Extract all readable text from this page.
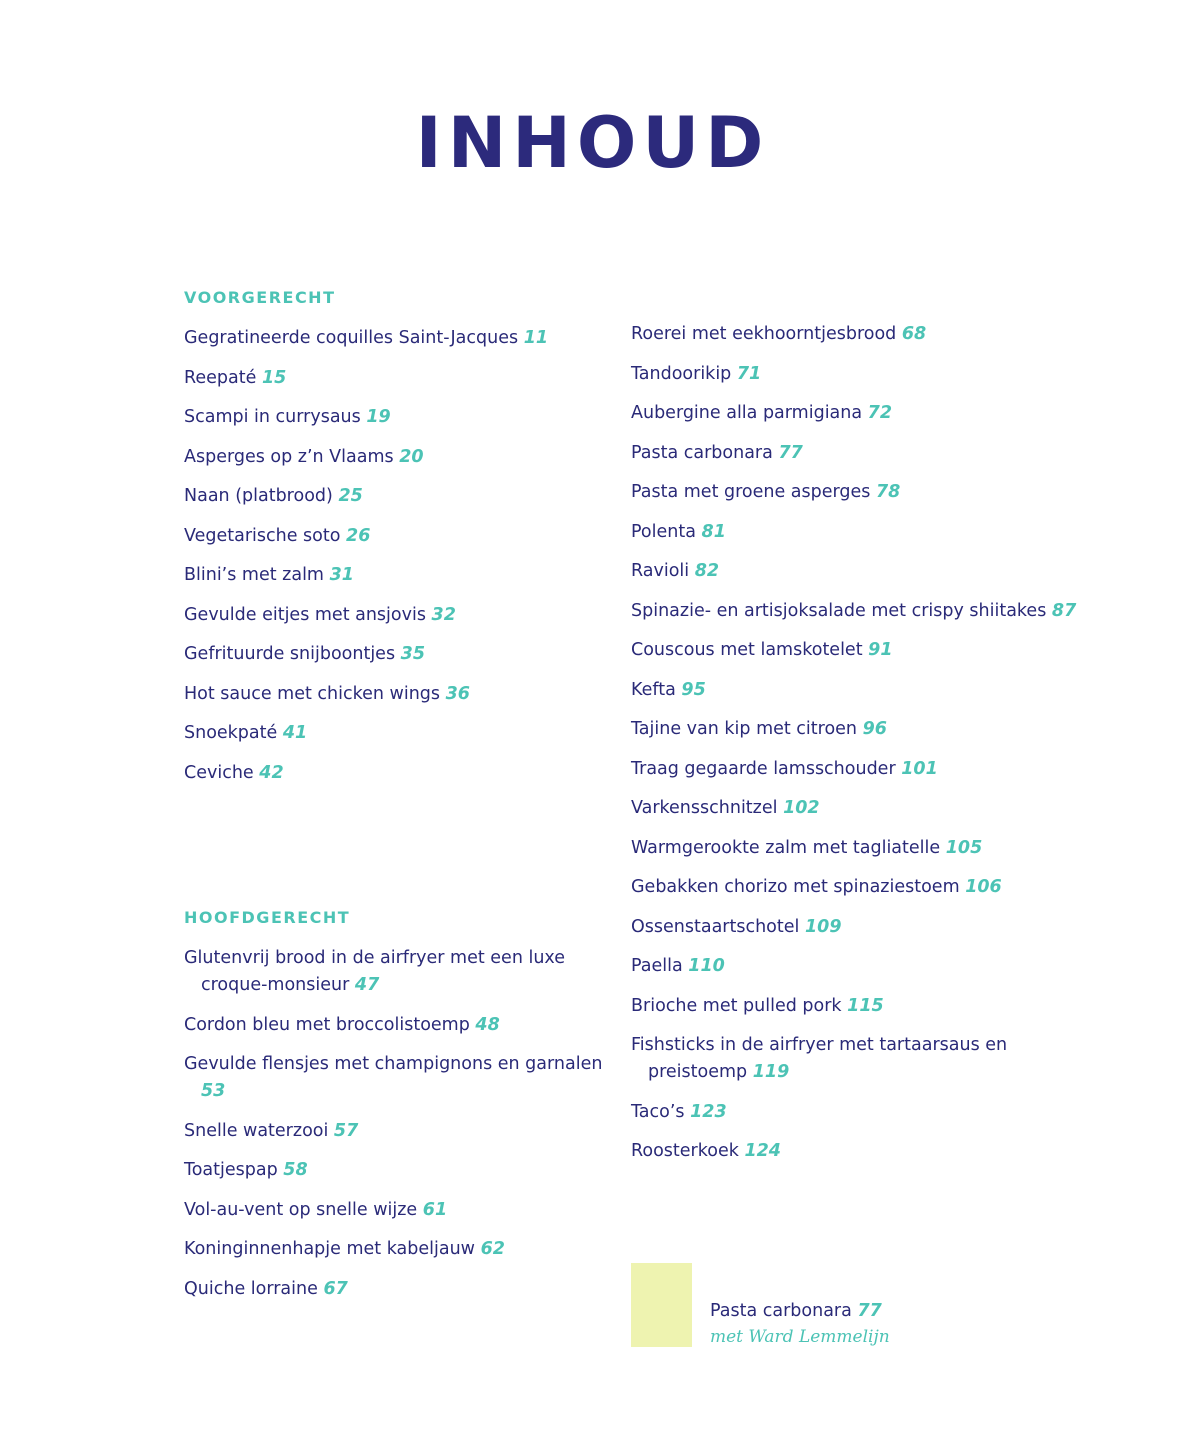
INHOUD
VOORGERECHT
Gegratineerde coquilles Saint-Jacques 11
Reepaté 15
Scampi in currysaus 19
Asperges op z’n Vlaams 20
Naan (platbrood) 25
Vegetarische soto 26
Blini’s met zalm 31
Gevulde eitjes met ansjovis 32
Gefrituurde snijboontjes 35
Hot sauce met chicken wings 36
Snoekpaté 41
Ceviche 42
HOOFDGERECHT
Glutenvrij brood in de airfryer met een luxe croque-monsieur 47
Cordon bleu met broccolistoemp 48
Gevulde flensjes met champignons en garnalen 53
Snelle waterzooi 57
Toatjespap 58
Vol-au-vent op snelle wijze 61
Koninginnenhapje met kabeljauw 62
Quiche lorraine 67
Roerei met eekhoorntjesbrood 68
Tandoorikip 71
Aubergine alla parmigiana 72
Pasta carbonara 77
Pasta met groene asperges 78
Polenta 81
Ravioli 82
Spinazie- en artisjoksalade met crispy shiitakes 87
Couscous met lamskotelet 91
Kefta 95
Tajine van kip met citroen 96
Traag gegaarde lamsschouder 101
Varkensschnitzel 102
Warmgerookte zalm met tagliatelle 105
Gebakken chorizo met spinaziestoem 106
Ossenstaartschotel 109
Paella 110
Brioche met pulled pork 115
Fishsticks in de airfryer met tartaarsaus en preistoemp 119
Taco’s 123
Roosterkoek 124
Pasta carbonara 77
met Ward Lemmelijn
